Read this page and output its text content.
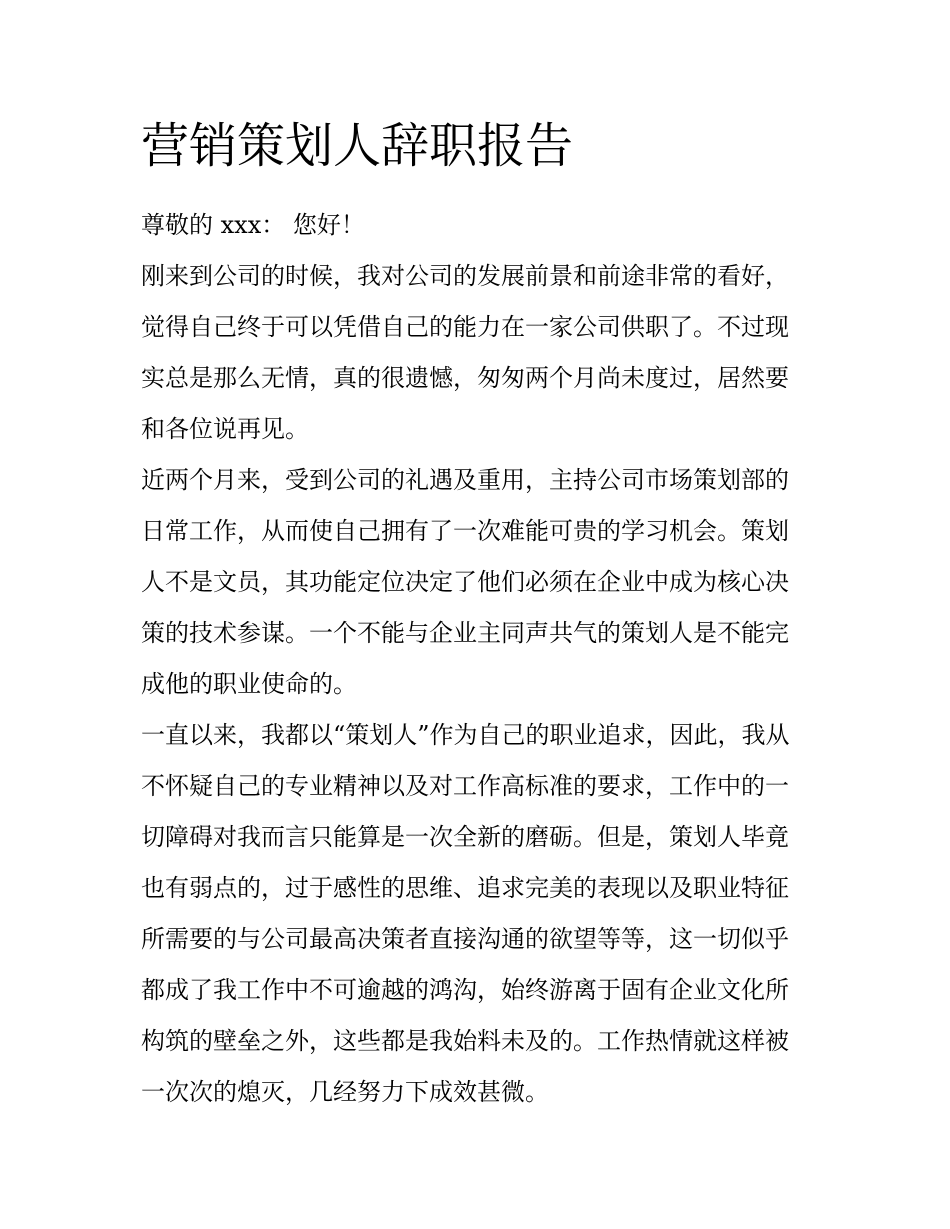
营销策划人辞职报告
尊敬的 xxx： 您好！
刚来到公司的时候，我对公司的发展前景和前途非常的看好，
觉得自己终于可以凭借自己的能力在一家公司供职了。不过现
实总是那么无情，真的很遗憾，匆匆两个月尚未度过，居然要
和各位说再见。
近两个月来，受到公司的礼遇及重用，主持公司市场策划部的
日常工作，从而使自己拥有了一次难能可贵的学习机会。策划
人不是文员，其功能定位决定了他们必须在企业中成为核心决
策的技术参谋。一个不能与企业主同声共气的策划人是不能完
成他的职业使命的。
一直以来，我都以“策划人”作为自己的职业追求，因此，我从
不怀疑自己的专业精神以及对工作高标准的要求，工作中的一
切障碍对我而言只能算是一次全新的磨砺。但是，策划人毕竟
也有弱点的，过于感性的思维、追求完美的表现以及职业特征
所需要的与公司最高决策者直接沟通的欲望等等，这一切似乎
都成了我工作中不可逾越的鸿沟，始终游离于固有企业文化所
构筑的壁垒之外，这些都是我始料未及的。工作热情就这样被
一次次的熄灭，几经努力下成效甚微。
